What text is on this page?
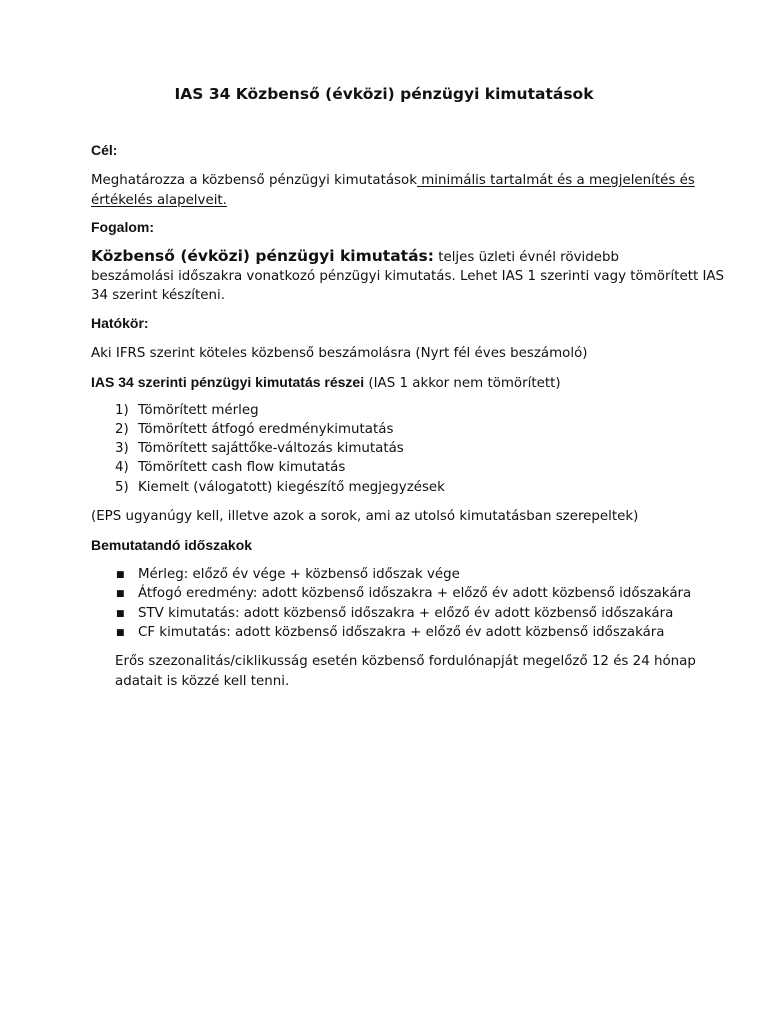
IAS 34 Közbenső (évközi) pénzügyi kimutatások
Cél:
Meghatározza a közbenső pénzügyi kimutatások minimális tartalmát és a megjelenítés és
értékelés alapelveit.
Fogalom:
Közbenső (évközi) pénzügyi kimutatás: teljes üzleti évnél rövidebb
beszámolási időszakra vonatkozó pénzügyi kimutatás. Lehet IAS 1 szerinti vagy tömörített IAS
34 szerint készíteni.
Hatókör:
Aki IFRS szerint köteles közbenső beszámolásra (Nyrt fél éves beszámoló)
IAS 34 szerinti pénzügyi kimutatás részei (IAS 1 akkor nem tömörített)
1) Tömörített mérleg
2) Tömörített átfogó eredménykimutatás
3) Tömörített sajáttőke-változás kimutatás
4) Tömörített cash flow kimutatás
5) Kiemelt (válogatott) kiegészítő megjegyzések
(EPS ugyanúgy kell, illetve azok a sorok, ami az utolsó kimutatásban szerepeltek)
Bemutatandó időszakok
■ Mérleg: előző év vége + közbenső időszak vége
■ Átfogó eredmény: adott közbenső időszakra + előző év adott közbenső időszakára
■ STV kimutatás: adott közbenső időszakra + előző év adott közbenső időszakára
■ CF kimutatás: adott közbenső időszakra + előző év adott közbenső időszakára
Erős szezonalitás/ciklikusság esetén közbenső fordulónapját megelőző 12 és 24 hónap
adatait is közzé kell tenni.
